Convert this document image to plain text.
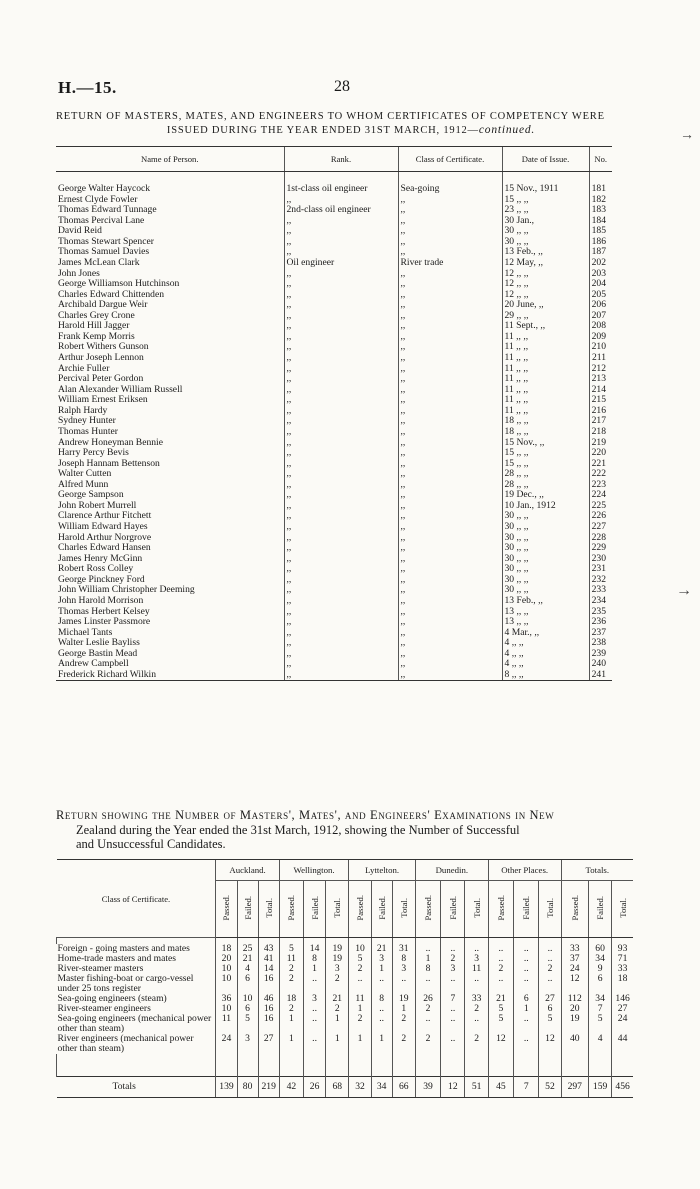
H.—15.	28
RETURN OF MASTERS, MATES, AND ENGINEERS TO WHOM CERTIFICATES OF COMPETENCY WERE
ISSUED DURING THE YEAR ENDED 31ST MARCH, 1912—continued.
Name of Person.	Rank.	Class of Certificate.	Date of Issue.	No.

George Walter Haycock	1st-class oil engineer	Sea-going	15 Nov., 1911	181
Ernest Clyde Fowler	,,	,,	15 ,, ,,	182
Thomas Edward Tunnage	2nd-class oil engineer	,,	23 ,, ,,	183
Thomas Percival Lane	,,	,,	30 Jan.,	184
David Reid	,,	,,	30 ,, ,,	185
Thomas Stewart Spencer	,,	,,	30 ,, ,,	186
Thomas Samuel Davies	,,	,,	13 Feb., ,,	187
James McLean Clark	Oil engineer	River trade	12 May, ,,	202
John Jones	,,	,,	12 ,, ,,	203
George Williamson Hutchinson	,,	,,	12 ,, ,,	204
Charles Edward Chittenden	,,	,,	12 ,, ,,	205
Archibald Dargue Weir	,,	,,	20 June, ,,	206
Charles Grey Crone	,,	,,	29 ,, ,,	207
Harold Hill Jagger	,,	,,	11 Sept., ,,	208
Frank Kemp Morris	,,	,,	11 ,, ,,	209
Robert Withers Gunson	,,	,,	11 ,, ,,	210
Arthur Joseph Lennon	,,	,,	11 ,, ,,	211
Archie Fuller	,,	,,	11 ,, ,,	212
Percival Peter Gordon	,,	,,	11 ,, ,,	213
Alan Alexander William Russell	,,	,,	11 ,, ,,	214
William Ernest Eriksen	,,	,,	11 ,, ,,	215
Ralph Hardy	,,	,,	11 ,, ,,	216
Sydney Hunter	,,	,,	18 ,, ,,	217
Thomas Hunter	,,	,,	18 ,, ,,	218
Andrew Honeyman Bennie	,,	,,	15 Nov., ,,	219
Harry Percy Bevis	,,	,,	15 ,, ,,	220
Joseph Hannam Bettenson	,,	,,	15 ,, ,,	221
Walter Cutten	,,	,,	28 ,, ,,	222
Alfred Munn	,,	,,	28 ,, ,,	223
George Sampson	,,	,,	19 Dec., ,,	224
John Robert Murrell	,,	,,	10 Jan., 1912	225
Clarence Arthur Fitchett	,,	,,	30 ,, ,,	226
William Edward Hayes	,,	,,	30 ,, ,,	227
Harold Arthur Norgrove	,,	,,	30 ,, ,,	228
Charles Edward Hansen	,,	,,	30 ,, ,,	229
James Henry McGinn	,,	,,	30 ,, ,,	230
Robert Ross Colley	,,	,,	30 ,, ,,	231
George Pinckney Ford	,,	,,	30 ,, ,,	232
John William Christopher Deeming	,,	,,	30 ,, ,,	233
John Harold Morrison	,,	,,	13 Feb., ,,	234
Thomas Herbert Kelsey	,,	,,	13 ,, ,,	235
James Linster Passmore	,,	,,	13 ,, ,,	236
Michael Tants	,,	,,	4 Mar., ,,	237
Walter Leslie Bayliss	,,	,,	4 ,, ,,	238
George Bastin Mead	,,	,,	4 ,, ,,	239
Andrew Campbell	,,	,,	4 ,, ,,	240
Frederick Richard Wilkin	,,	,,	8 ,, ,,	241
Return showing the Number of Masters', Mates', and Engineers' Examinations in New
Zealand during the Year ended the 31st March, 1912, showing the Number of Successful
and Unsuccessful Candidates.
Class of Certificate.	Auckland.			Wellington.			Lyttelton.			Dunedin.			Other Places.			Totals.		
	Passed.	Failed.	Total.	Passed.	Failed.	Total.	Passed.	Failed.	Total.	Passed.	Failed.	Total.	Passed.	Failed.	Total.	Passed.	Failed.	Total.

Foreign - going masters and mates	18	25	43	5	14	19	10	21	31	..	..	..	..	..	..	33	60	93
Home-trade masters and mates	20	21	41	11	8	19	5	3	8	1	2	3	..	..	..	37	34	71
River-steamer masters	10	4	14	2	1	3	2	1	3	8	3	11	2	..	2	24	9	33
Master fishing-boat or cargo-vessel under 25 tons register	10	6	16	2	..	2	..	..	..	..	..	..	..	..	..	12	6	18
Sea-going engineers (steam)	36	10	46	18	3	21	11	8	19	26	7	33	21	6	27	112	34	146
River-steamer engineers	10	6	16	2	..	2	1	..	1	2	..	2	5	1	6	20	7	27
Sea-going engineers (mechanical power other than steam)	11	5	16	1	..	1	2	..	2	..	..	..	5	..	5	19	5	24
River engineers (mechanical power other than steam)	24	3	27	1	..	1	1	1	2	2	..	2	12	..	12	40	4	44

Totals	139	80	219	42	26	68	32	34	66	39	12	51	45	7	52	297	159	456
→
→
